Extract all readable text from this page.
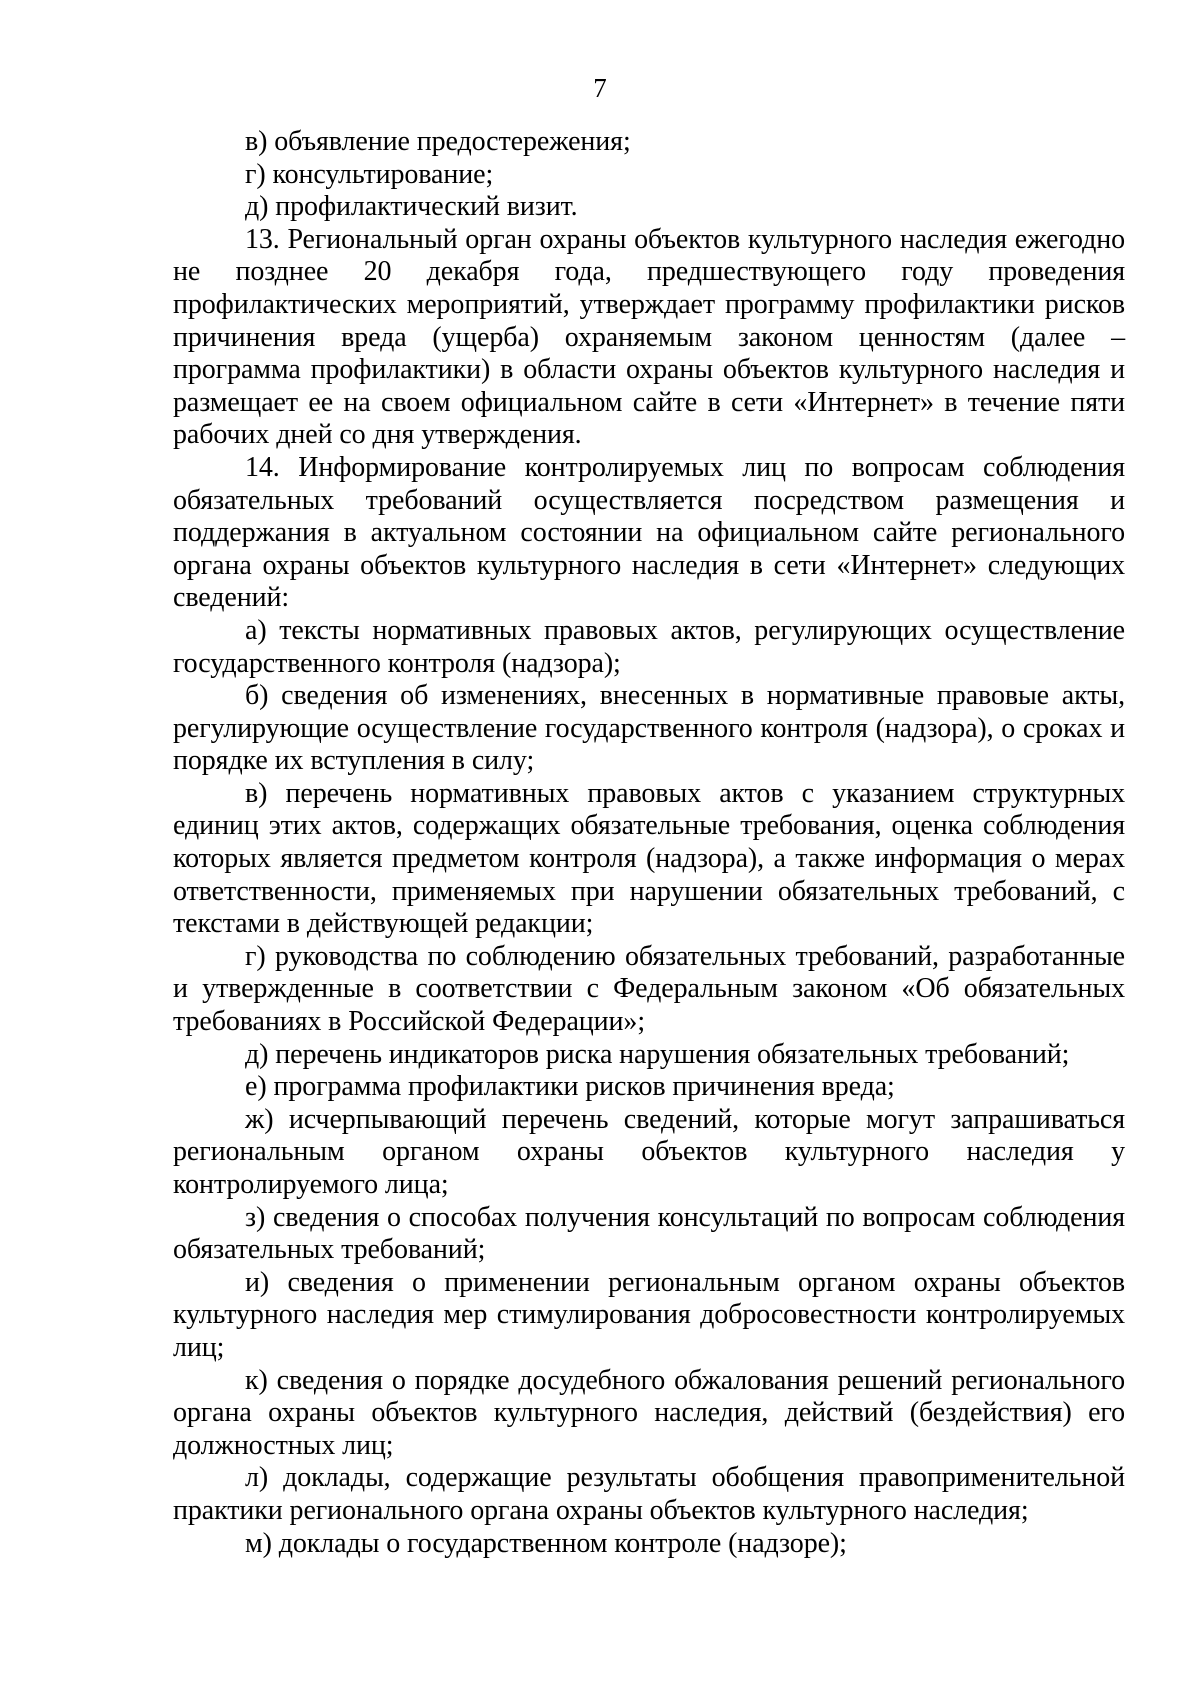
7

в) объявление предостережения;

г) консультирование;

д) профилактический визит.

13. Региональный орган охраны объектов культурного наследия ежегодно не позднее 20 декабря года, предшествующего году проведения профилактических мероприятий, утверждает программу профилактики рисков причинения вреда (ущерба) охраняемым законом ценностям (далее – программа профилактики) в области охраны объектов культурного наследия и размещает ее на своем официальном сайте в сети «Интернет» в течение пяти рабочих дней со дня утверждения.

14. Информирование контролируемых лиц по вопросам соблюдения обязательных требований осуществляется посредством размещения и поддержания в актуальном состоянии на официальном сайте регионального органа охраны объектов культурного наследия в сети «Интернет» следующих сведений:

а) тексты нормативных правовых актов, регулирующих осуществление государственного контроля (надзора);

б) сведения об изменениях, внесенных в нормативные правовые акты, регулирующие осуществление государственного контроля (надзора), о сроках и порядке их вступления в силу;

в) перечень нормативных правовых актов с указанием структурных единиц этих актов, содержащих обязательные требования, оценка соблюдения которых является предметом контроля (надзора), а также информация о мерах ответственности, применяемых при нарушении обязательных требований, с текстами в действующей редакции;

г) руководства по соблюдению обязательных требований, разработанные и утвержденные в соответствии с Федеральным законом «Об обязательных требованиях в Российской Федерации»;

д) перечень индикаторов риска нарушения обязательных требований;

е) программа профилактики рисков причинения вреда;

ж) исчерпывающий перечень сведений, которые могут запрашиваться региональным органом охраны объектов культурного наследия у контролируемого лица;

з) сведения о способах получения консультаций по вопросам соблюдения обязательных требований;

и) сведения о применении региональным органом охраны объектов культурного наследия мер стимулирования добросовестности контролируемых лиц;

к) сведения о порядке досудебного обжалования решений регионального органа охраны объектов культурного наследия, действий (бездействия) его должностных лиц;

л) доклады, содержащие результаты обобщения правоприменительной практики регионального органа охраны объектов культурного наследия;

м) доклады о государственном контроле (надзоре);
